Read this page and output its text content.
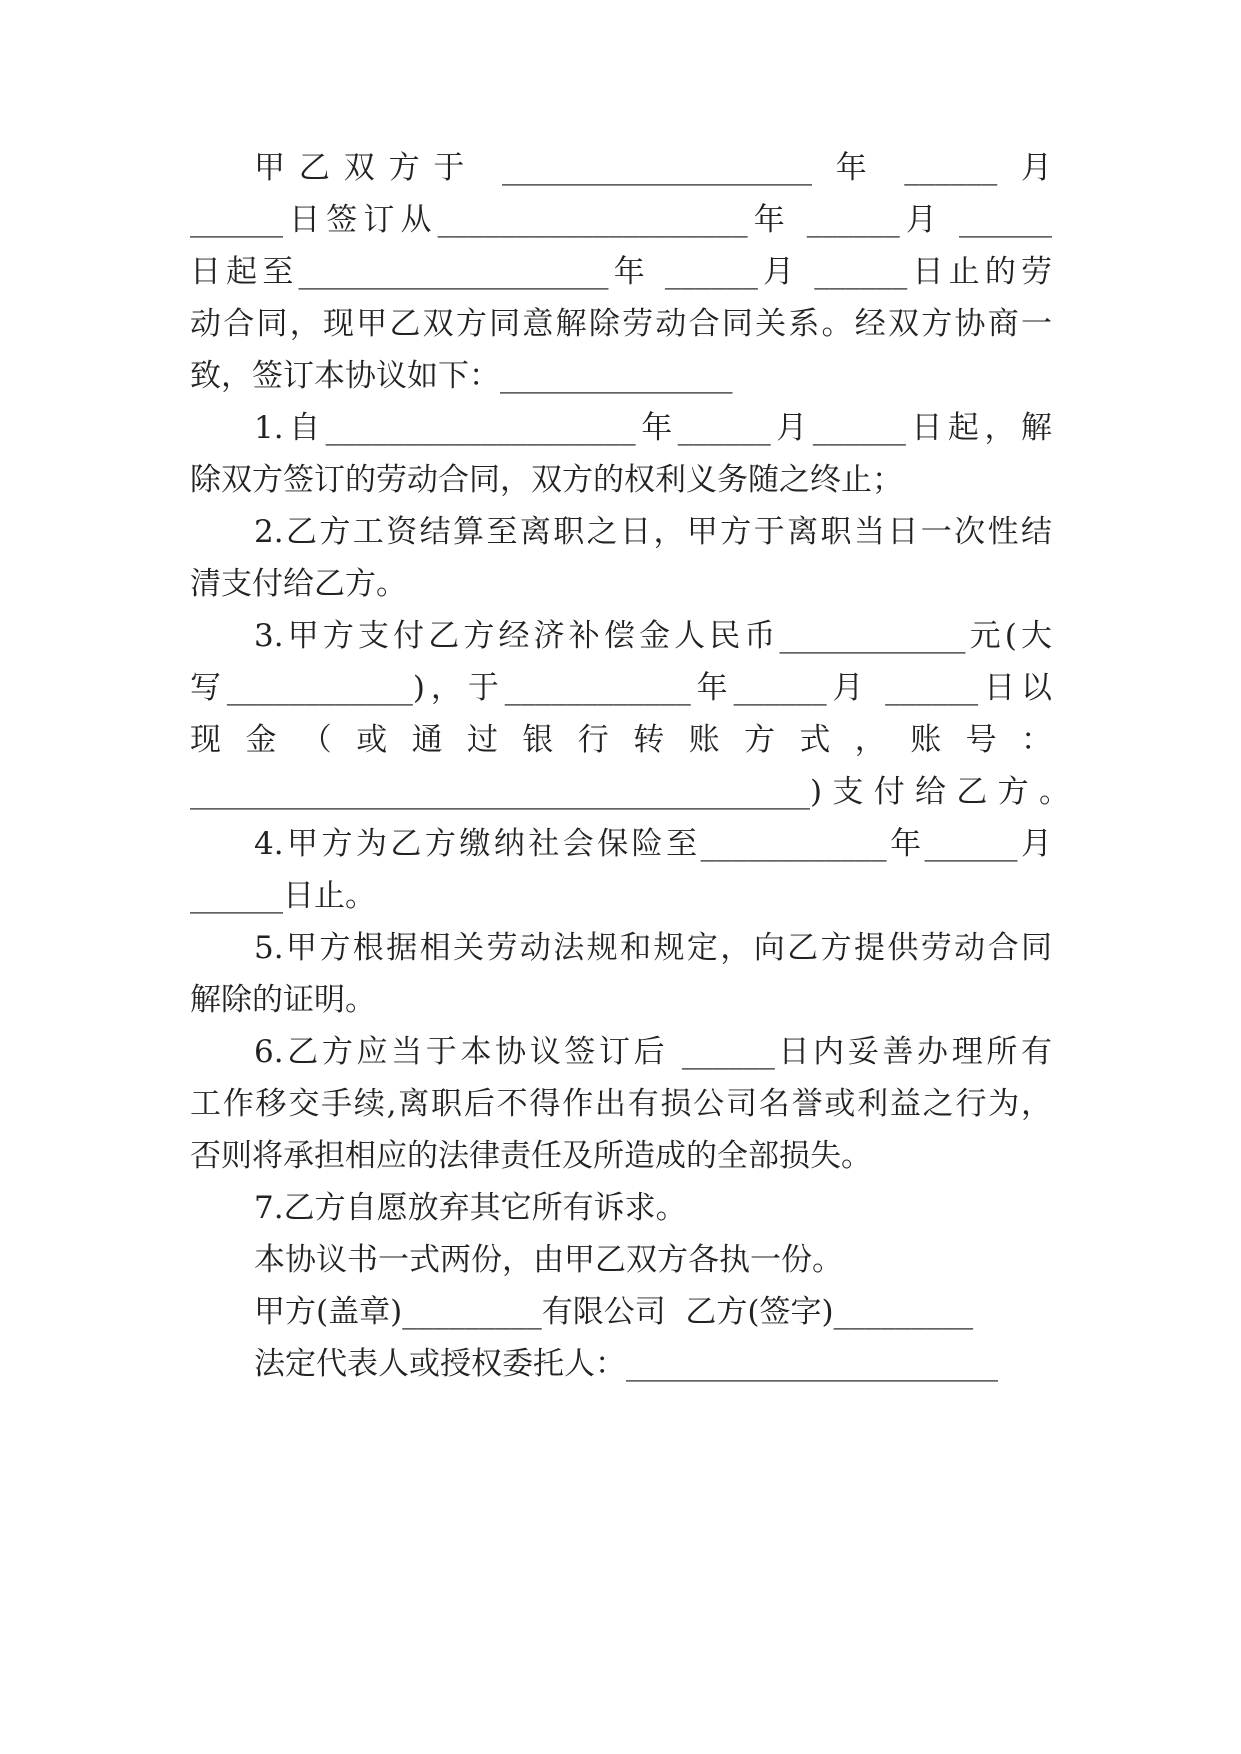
甲乙双方于 ____________________ 年 ______ 月
______日签订从____________________年 ______月 ______
日起至____________________年 ______月 ______日止的劳
动合同，现甲乙双方同意解除劳动合同关系。经双方协商一
致，签订本协议如下：_______________
1.自____________________年______月______日起，解
除双方签订的劳动合同，双方的权利义务随之终止；
2.乙方工资结算至离职之日，甲方于离职当日一次性结
清支付给乙方。
3.甲方支付乙方经济补偿金人民币____________元(大
写____________)，于____________年______月 ______日以
现金（或通过银行转账方式，账号：
________________________________________)支付给乙方。
4.甲方为乙方缴纳社会保险至____________年______月
______日止。
5.甲方根据相关劳动法规和规定，向乙方提供劳动合同
解除的证明。
6.乙方应当于本协议签订后 ______日内妥善办理所有
工作移交手续,离职后不得作出有损公司名誉或利益之行为，
否则将承担相应的法律责任及所造成的全部损失。
7.乙方自愿放弃其它所有诉求。
本协议书一式两份，由甲乙双方各执一份。
甲方(盖章)_________有限公司  乙方(签字)_________
法定代表人或授权委托人：________________________
